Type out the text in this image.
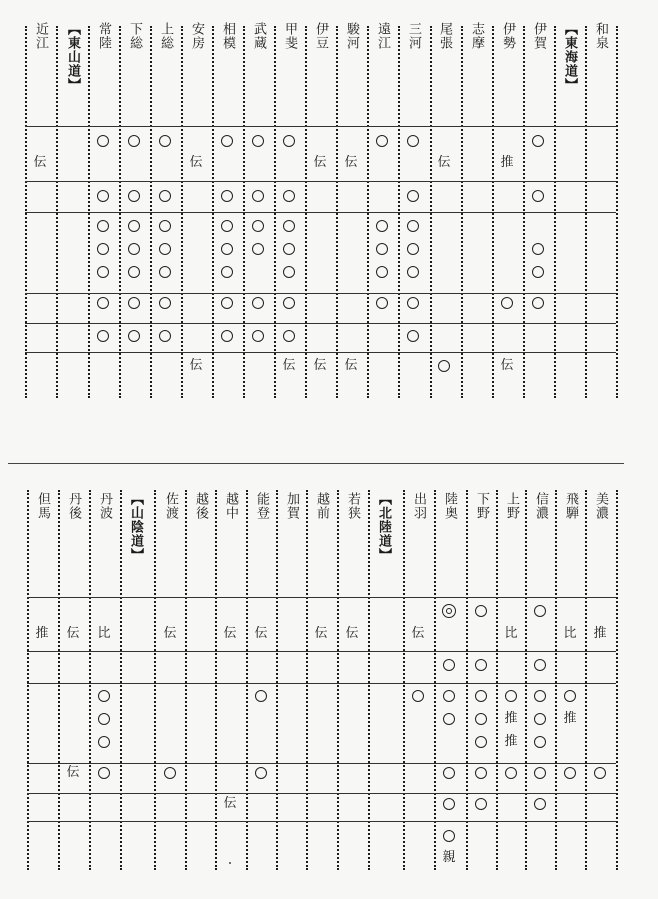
和泉
【東海道】
伊賀
伊勢
志摩
尾張
三河
遠江
駿河
伊豆
甲斐
武蔵
相模
安房
上総
下総
常陸
【東山道】
近江
推
伝
伝
伝
伝
伝
伝
伝
伝
伝
伝
美濃
飛騨
信濃
上野
下野
陸奥
出羽
【北陸道】
若狭
越前
加賀
能登
越中
越後
佐渡
【山陰道】
丹波
丹後
但馬
推
比
比
伝
伝
伝
伝
伝
伝
比
伝
推
推
推
推
伝
伝
親
